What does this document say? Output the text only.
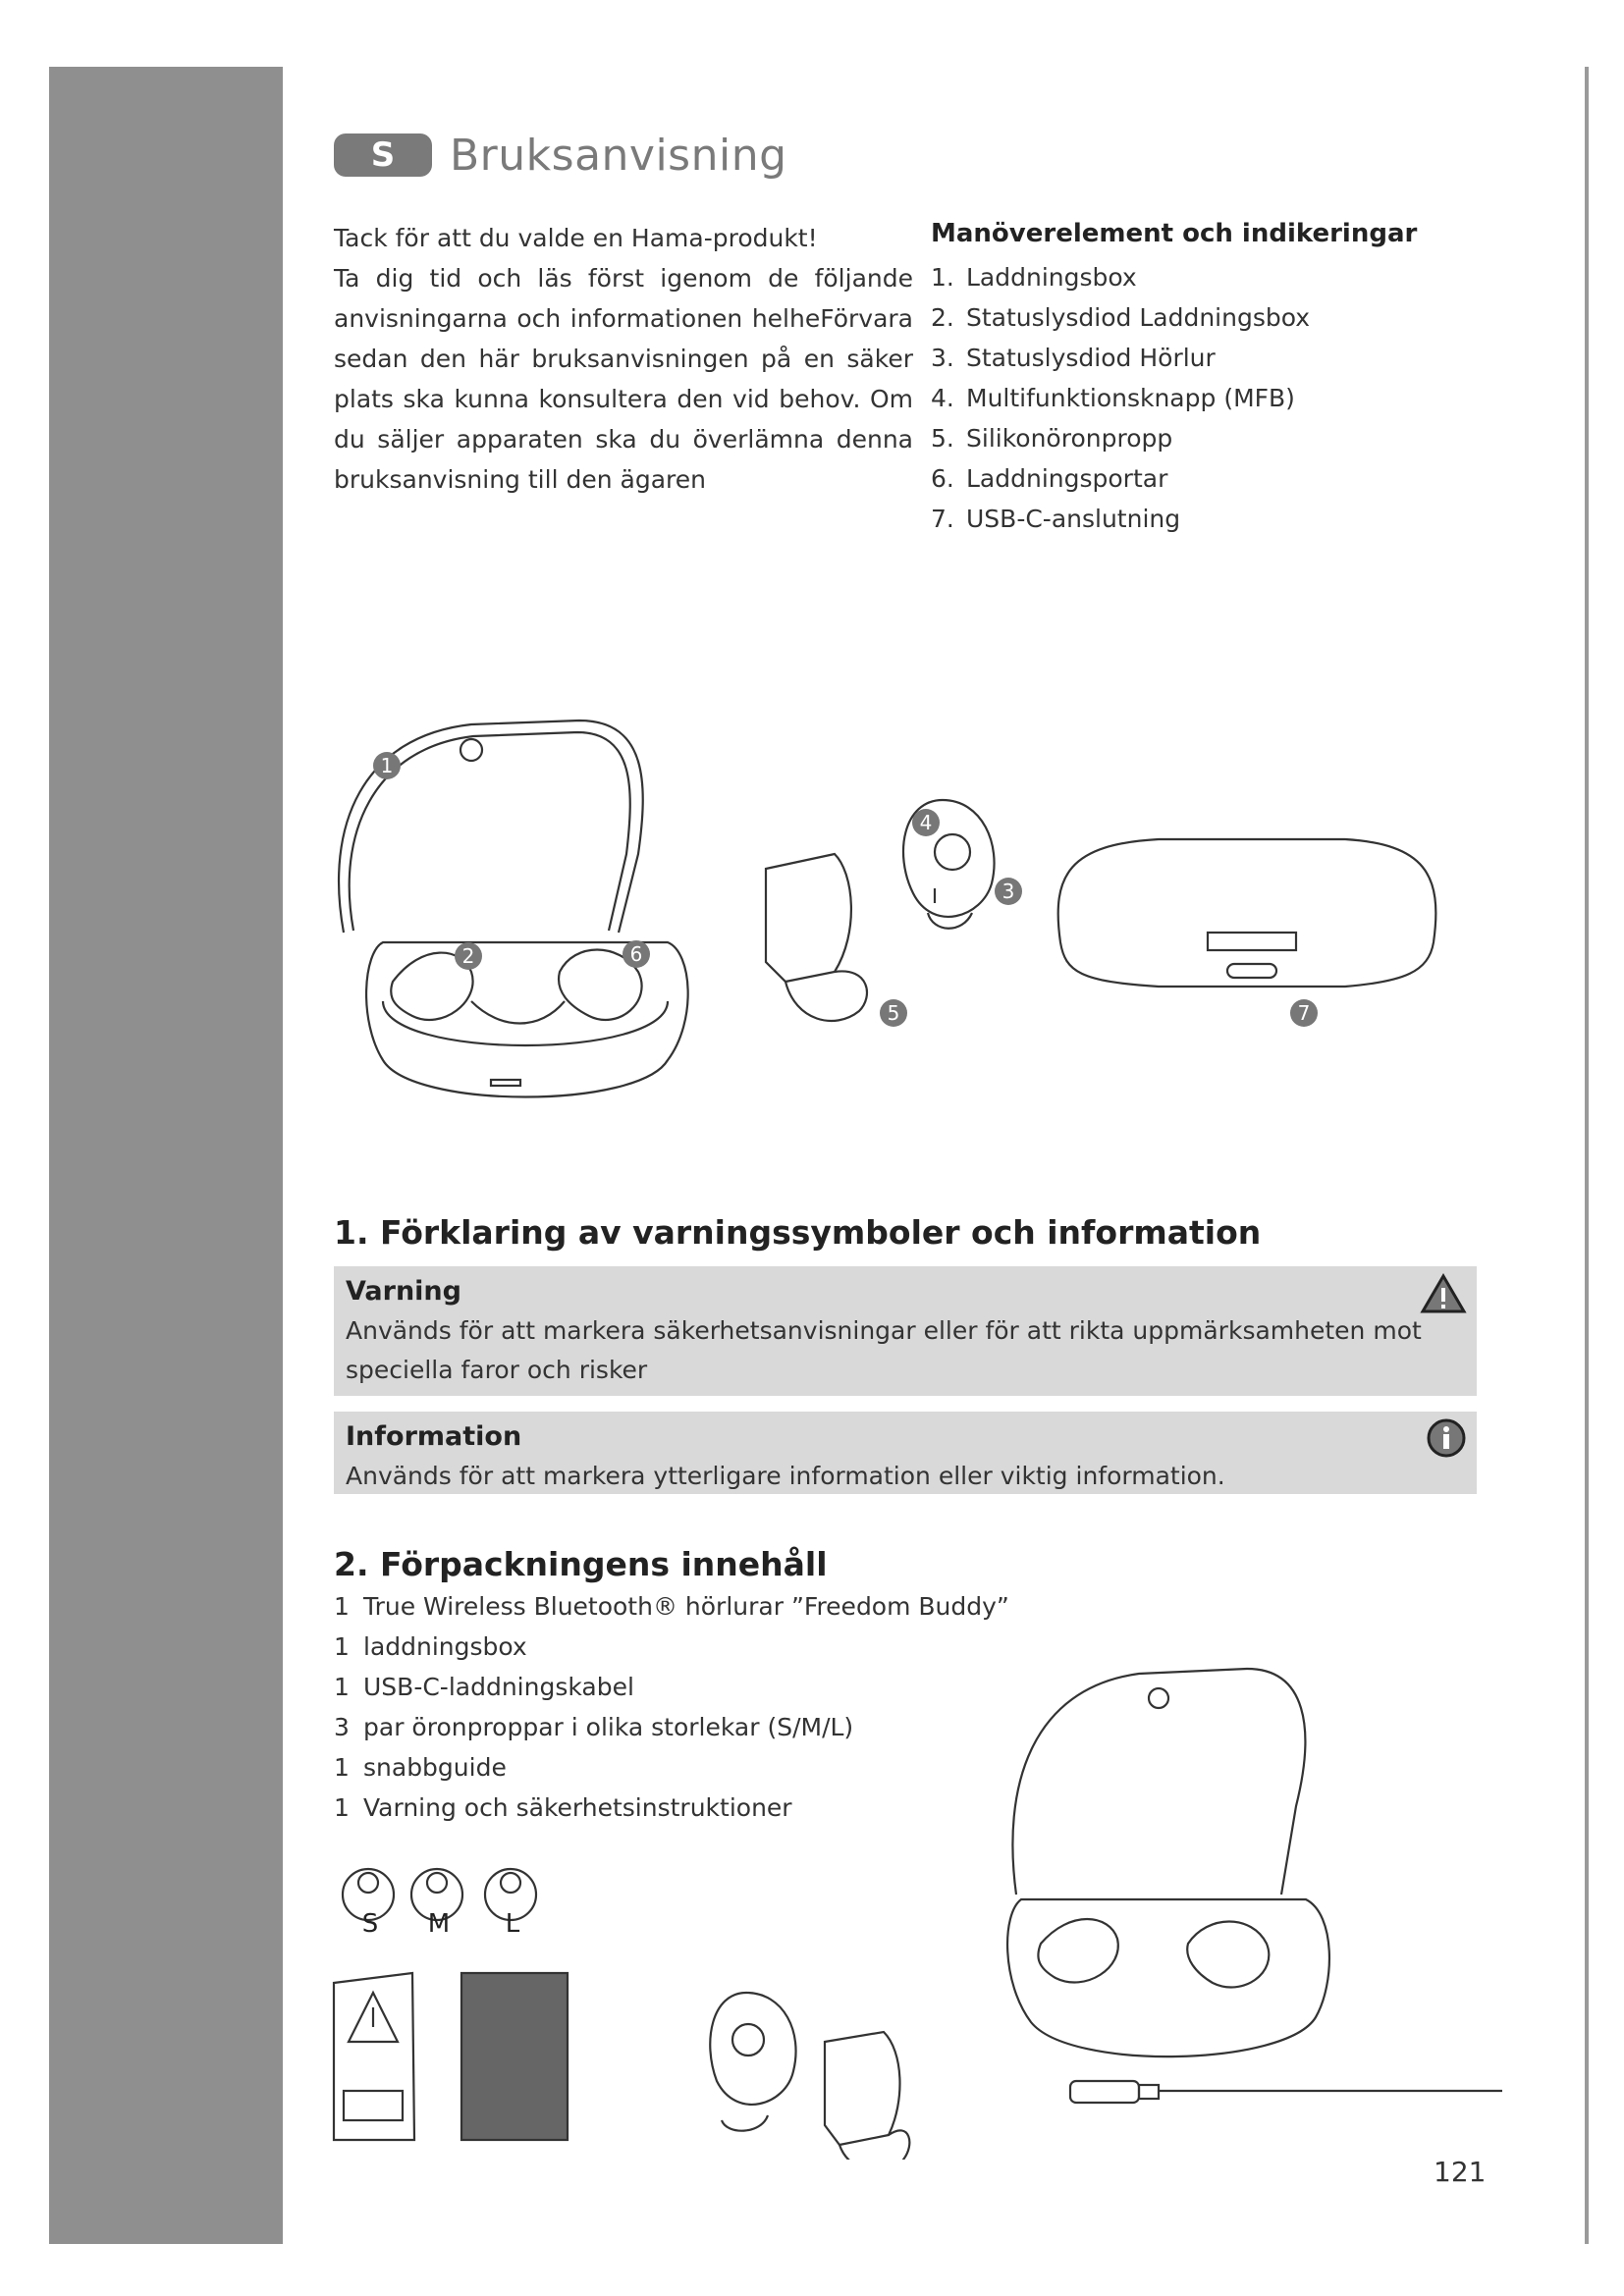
S	Bruksanvisning

Tack för att du valde en Hama-produkt!

Ta dig tid och läs först igenom de följande anvisningarna och informationen helheFörvara sedan den här bruksanvisningen på en säker plats ska kunna konsultera den vid behov. Om du säljer apparaten ska du överlämna denna bruksanvisning till den ägaren

Manöverelement och indikeringar
1. Laddningsbox
2. Statuslysdiod Laddningsbox
3. Statuslysdiod Hörlur
4. Multifunktionsknapp (MFB)
5. Silikonöronpropp
6. Laddningsportar
7. USB-C-anslutning
1
2	6
4
3
5	7
1. Förklaring av varningssymboler och information
Varning
Används för att markera säkerhetsanvisningar eller för att rikta uppmärksamheten mot speciella faror och risker
Information
Används för att markera ytterligare information eller viktig information.
2. Förpackningens innehåll
1 True Wireless Bluetooth® hörlurar ”Freedom Buddy”
1 laddningsbox
1 USB-C-laddningskabel
3 par öronproppar i olika storlekar (S/M/L)
1 snabbguide
1 Varning och säkerhetsinstruktioner
S M L
121
